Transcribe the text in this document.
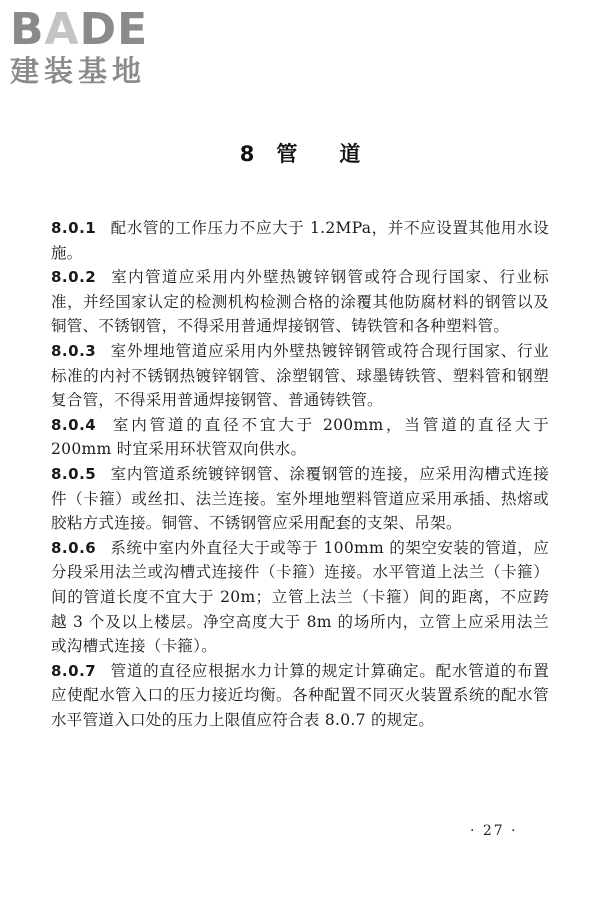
BADE
建装基地
8 管 道

8.0.1 配水管的工作压力不应大于 1.2MPa，并不应设置其他用水设施。

8.0.2 室内管道应采用内外壁热镀锌钢管或符合现行国家、行业标准，并经国家认定的检测机构检测合格的涂覆其他防腐材料的钢管以及铜管、不锈钢管，不得采用普通焊接钢管、铸铁管和各种塑料管。

8.0.3 室外埋地管道应采用内外壁热镀锌钢管或符合现行国家、行业标准的内衬不锈钢热镀锌钢管、涂塑钢管、球墨铸铁管、塑料管和钢塑复合管，不得采用普通焊接钢管、普通铸铁管。

8.0.4 室内管道的直径不宜大于 200mm，当管道的直径大于 200mm 时宜采用环状管双向供水。

8.0.5 室内管道系统镀锌钢管、涂覆钢管的连接，应采用沟槽式连接件（卡箍）或丝扣、法兰连接。室外埋地塑料管道应采用承插、热熔或胶粘方式连接。铜管、不锈钢管应采用配套的支架、吊架。

8.0.6 系统中室内外直径大于或等于 100mm 的架空安装的管道，应分段采用法兰或沟槽式连接件（卡箍）连接。水平管道上法兰（卡箍）间的管道长度不宜大于 20m；立管上法兰（卡箍）间的距离，不应跨越 3 个及以上楼层。净空高度大于 8m 的场所内，立管上应采用法兰或沟槽式连接（卡箍）。

8.0.7 管道的直径应根据水力计算的规定计算确定。配水管道的布置应使配水管入口的压力接近均衡。各种配置不同灭火装置系统的配水管水平管道入口处的压力上限值应符合表 8.0.7 的规定。

· 27 ·
